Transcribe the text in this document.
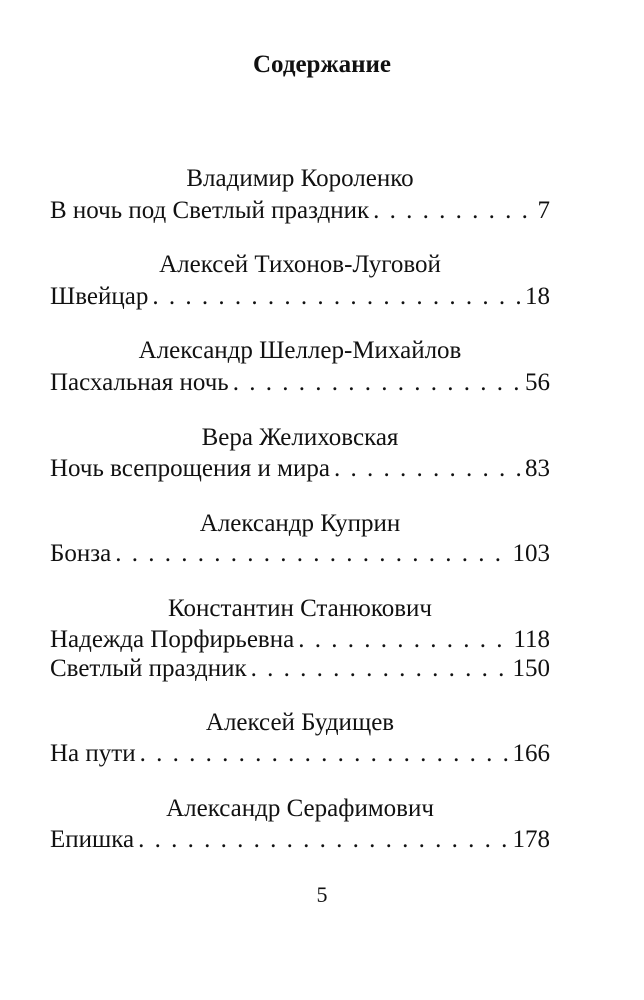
Содержание
Владимир Короленко
В ночь под Светлый праздник . . .	7
Алексей Тихонов-Луговой
Швейцар . . .	18
Александр Шеллер-Михайлов
Пасхальная ночь . . .	56
Вера Желиховская
Ночь всепрощения и мира . . .	83
Александр Куприн
Бонза . . .	103
Константин Станюкович
Надежда Порфирьевна . . .	118
Светлый праздник . . .	150
Алексей Будищев
На пути . . .	166
Александр Серафимович
Епишка . . .	178
5
